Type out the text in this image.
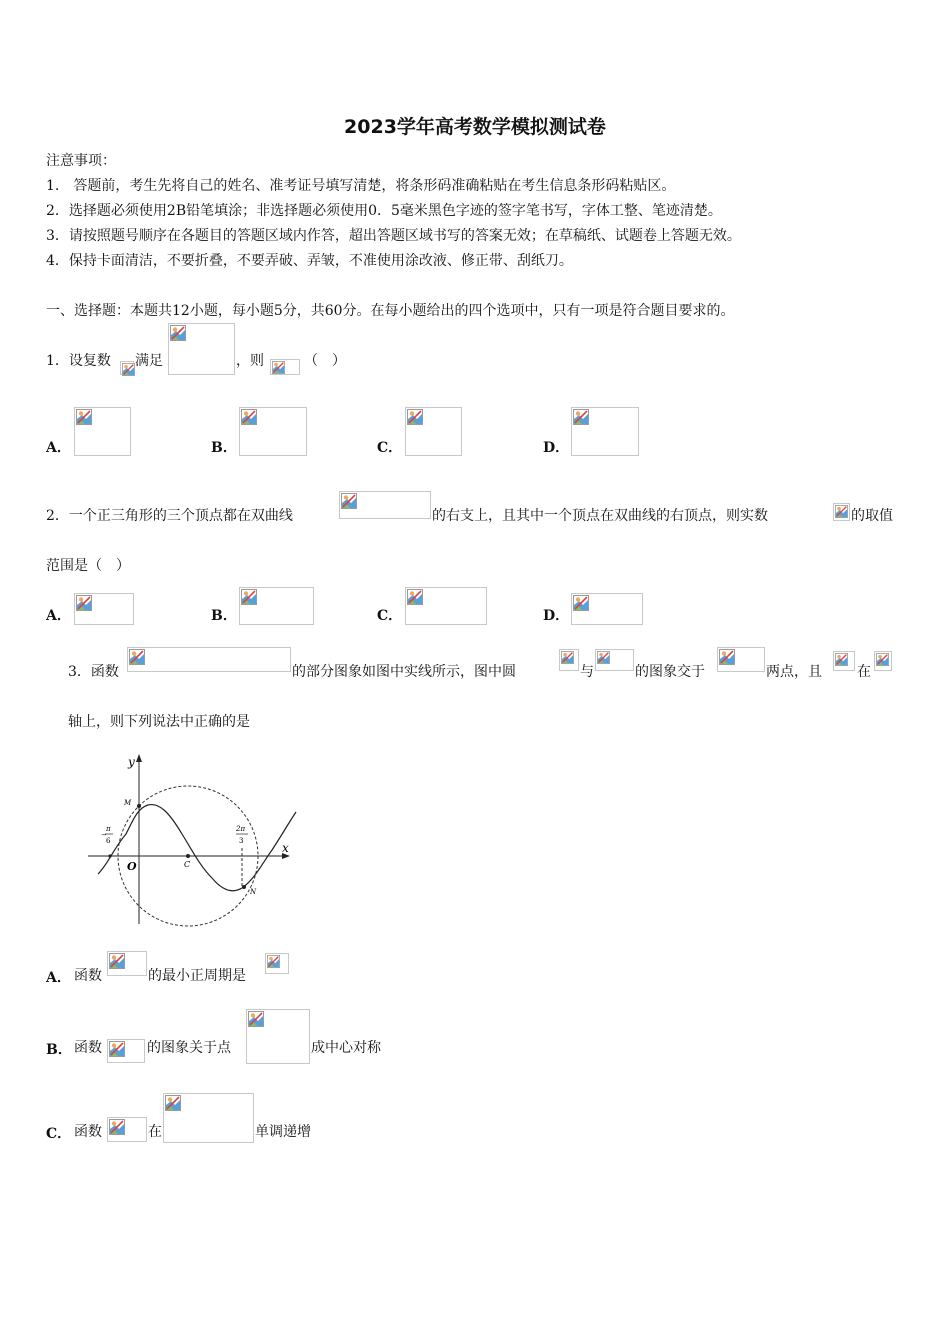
2023学年高考数学模拟测试卷
注意事项：
1.　答题前，考生先将自己的姓名、准考证号填写清楚，将条形码准确粘贴在考生信息条形码粘贴区。
2．选择题必须使用2B铅笔填涂；非选择题必须使用0．5毫米黑色字迹的签字笔书写，字体工整、笔迹清楚。
3．请按照题号顺序在各题目的答题区域内作答，超出答题区域书写的答案无效；在草稿纸、试题卷上答题无效。
4．保持卡面清洁，不要折叠，不要弄破、弄皱，不准使用涂改液、修正带、刮纸刀。
一、选择题：本题共12小题，每小题5分，共60分。在每小题给出的四个选项中，只有一项是符合题目要求的。
1．设复数 满足	，则	（　）
A．	B．	C．	D．
2．一个正三角形的三个顶点都在双曲线	的右支上，且其中一个顶点在双曲线的右顶点，则实数	的取值
范围是（　）
A．	B．	C．	D．
3．函数	的部分图象如图中实线所示，图中圆	与	的图象交于	两点，且	在
轴上，则下列说法中正确的是
y
x
O
M
N
C
−
π
6
2π
3
A． 函数	的最小正周期是
B． 函数	的图象关于点	成中心对称
C． 函数	在	单调递增
